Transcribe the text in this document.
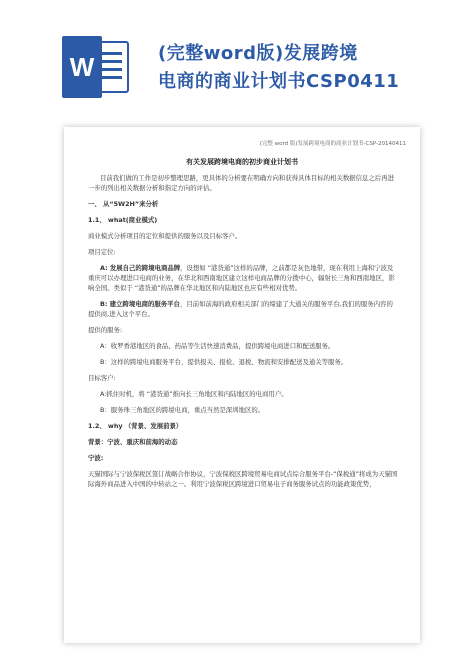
W	(完整word版)发展跨境
电商的商业计划书CSP0411
(完整 word 版)发展跨境电商的商业计划书-CSP-20140411
有关发展跨境电商的初步商业计划书

目前我们做的工作是初步整理思路，更具体的分析要在明确方向和获得具体目标的相关数据信息之后再进一步的列出相关数据分析和指定方向的评估。

一、 从“5W2H”来分析

1.1、 what(商业模式)

商业模式分析项目的定位和提供的服务以及目标客户。

项目定位:

A: 发展自己的跨境电商品牌，设想如 “港货通”这样的品牌，之前都是灰色地带，现在利用上海和宁波及重庆可以办理进口电商的业务，在华北和西南地区建立这样电商品牌的分拨中心，辐射长三角和西南地区，影响全国。类似于 “港货通”的品牌在华北地区和内陆地区也应有些相对优势。

B: 建立跨境电商的服务平台，目前如前海的政府相关部门的缔建了大通关的服务平台,我们的服务内容的提供商,进入这个平台。

提供的服务:

A：收罗香港地区的食品、药品等生活快速消费品，提供跨境电商进口和配送服务。

B：这样的跨境电商服务平台，提供报关、报检、退税、物流和安排配送及通关等服务。

目标客户:

A:抓住时机，将 “港货通”推向长三角地区和内陆地区的电商用户。

B：服务珠三角地区的跨境电商，重点当然是深圳地区的。

1.2、 why （背景、发展前景）

背景：宁波、重庆和前海的动态

宁波:

天猫国际与宁波保税区签订战略合作协议，宁波保税区跨境贸易电商试点综合服务平台-“保税通”将成为天猫国际海外商品进入中国的中转站之一。利用宁波保税区跨境进口贸易电子商务服务试点的功能政策优势，
